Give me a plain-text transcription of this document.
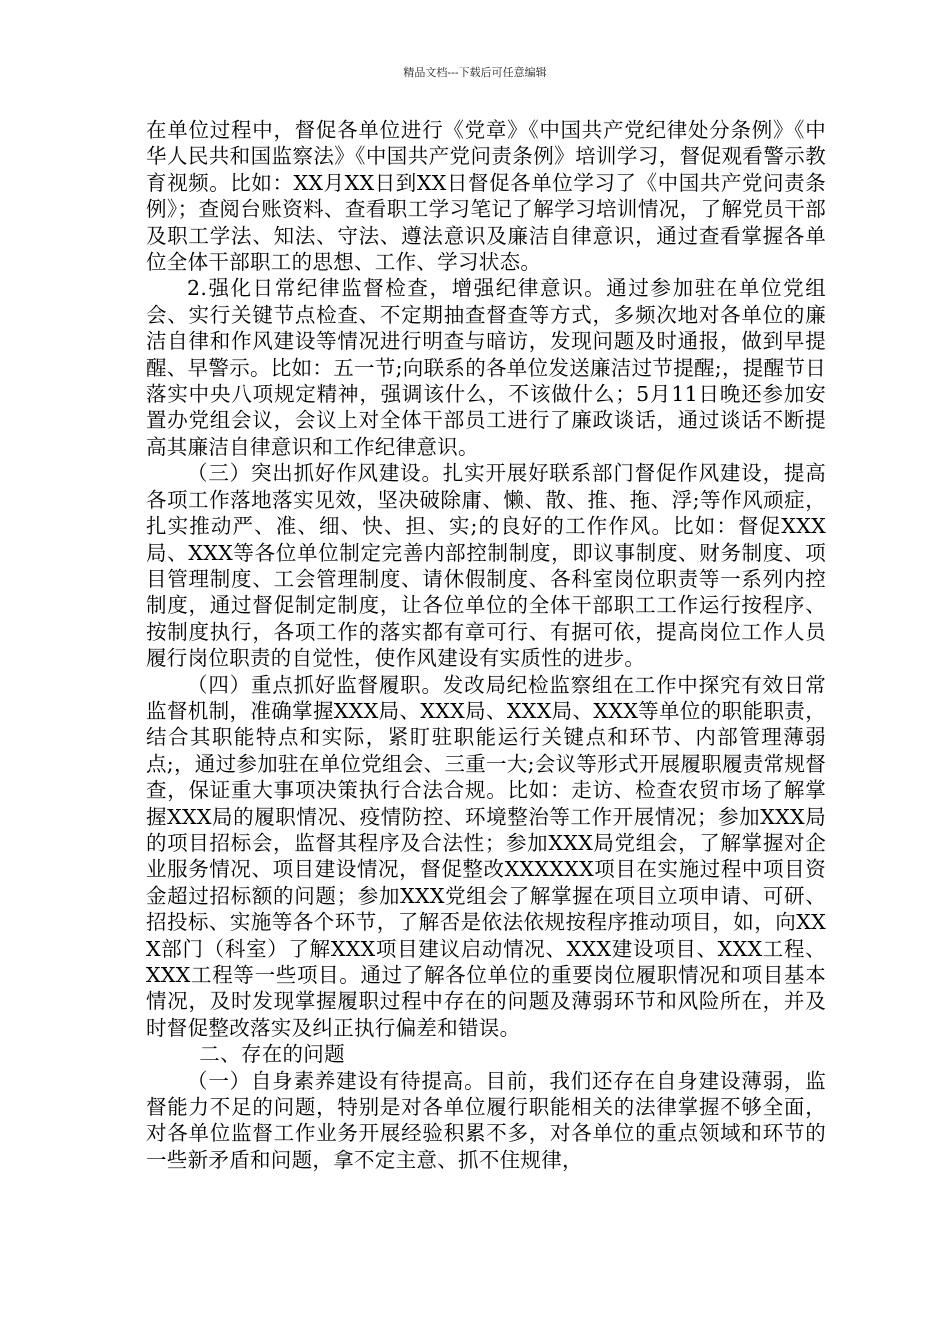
精品文档---下载后可任意编辑

在单位过程中，督促各单位进行《党章》《中国共产党纪律处分条例》《中华人民共和国监察法》《中国共产党问责条例》培训学习，督促观看警示教育视频。比如：XX月XX日到XX日督促各单位学习了《中国共产党问责条例》；查阅台账资料、查看职工学习笔记了解学习培训情况，了解党员干部及职工学法、知法、守法、遵法意识及廉洁自律意识，通过查看掌握各单位全体干部职工的思想、工作、学习状态。

2.强化日常纪律监督检查，增强纪律意识。通过参加驻在单位党组会、实行关键节点检查、不定期抽查督查等方式，多频次地对各单位的廉洁自律和作风建设等情况进行明查与暗访，发现问题及时通报，做到早提醒、早警示。比如：五一节;向联系的各单位发送廉洁过节提醒;，提醒节日落实中央八项规定精神，强调该什么，不该做什么；5月11日晚还参加安置办党组会议，会议上对全体干部员工进行了廉政谈话，通过谈话不断提高其廉洁自律意识和工作纪律意识。

（三）突出抓好作风建设。扎实开展好联系部门督促作风建设，提高各项工作落地落实见效，坚决破除庸、懒、散、推、拖、浮;等作风顽症，扎实推动严、准、细、快、担、实;的良好的工作作风。比如：督促XXX局、XXX等各位单位制定完善内部控制制度，即议事制度、财务制度、项目管理制度、工会管理制度、请休假制度、各科室岗位职责等一系列内控制度，通过督促制定制度，让各位单位的全体干部职工工作运行按程序、按制度执行，各项工作的落实都有章可行、有据可依，提高岗位工作人员履行岗位职责的自觉性，使作风建设有实质性的进步。

（四）重点抓好监督履职。发改局纪检监察组在工作中探究有效日常监督机制，准确掌握XXX局、XXX局、XXX局、XXX等单位的职能职责，结合其职能特点和实际，紧盯驻职能运行关键点和环节、内部管理薄弱点;，通过参加驻在单位党组会、三重一大;会议等形式开展履职履责常规督查，保证重大事项决策执行合法合规。比如：走访、检查农贸市场了解掌握XXX局的履职情况、疫情防控、环境整治等工作开展情况；参加XXX局的项目招标会，监督其程序及合法性；参加XXX局党组会，了解掌握对企业服务情况、项目建设情况，督促整改XXXXXX项目在实施过程中项目资金超过招标额的问题；参加XXX党组会了解掌握在项目立项申请、可研、招投标、实施等各个环节，了解否是依法依规按程序推动项目，如，向XXX部门（科室）了解XXX项目建议启动情况、XXX建设项目、XXX工程、XXX工程等一些项目。通过了解各位单位的重要岗位履职情况和项目基本情况，及时发现掌握履职过程中存在的问题及薄弱环节和风险所在，并及时督促整改落实及纠正执行偏差和错误。

二、存在的问题

（一）自身素养建设有待提高。目前，我们还存在自身建设薄弱，监督能力不足的问题，特别是对各单位履行职能相关的法律掌握不够全面，对各单位监督工作业务开展经验积累不多，对各单位的重点领域和环节的一些新矛盾和问题，拿不定主意、抓不住规律，
